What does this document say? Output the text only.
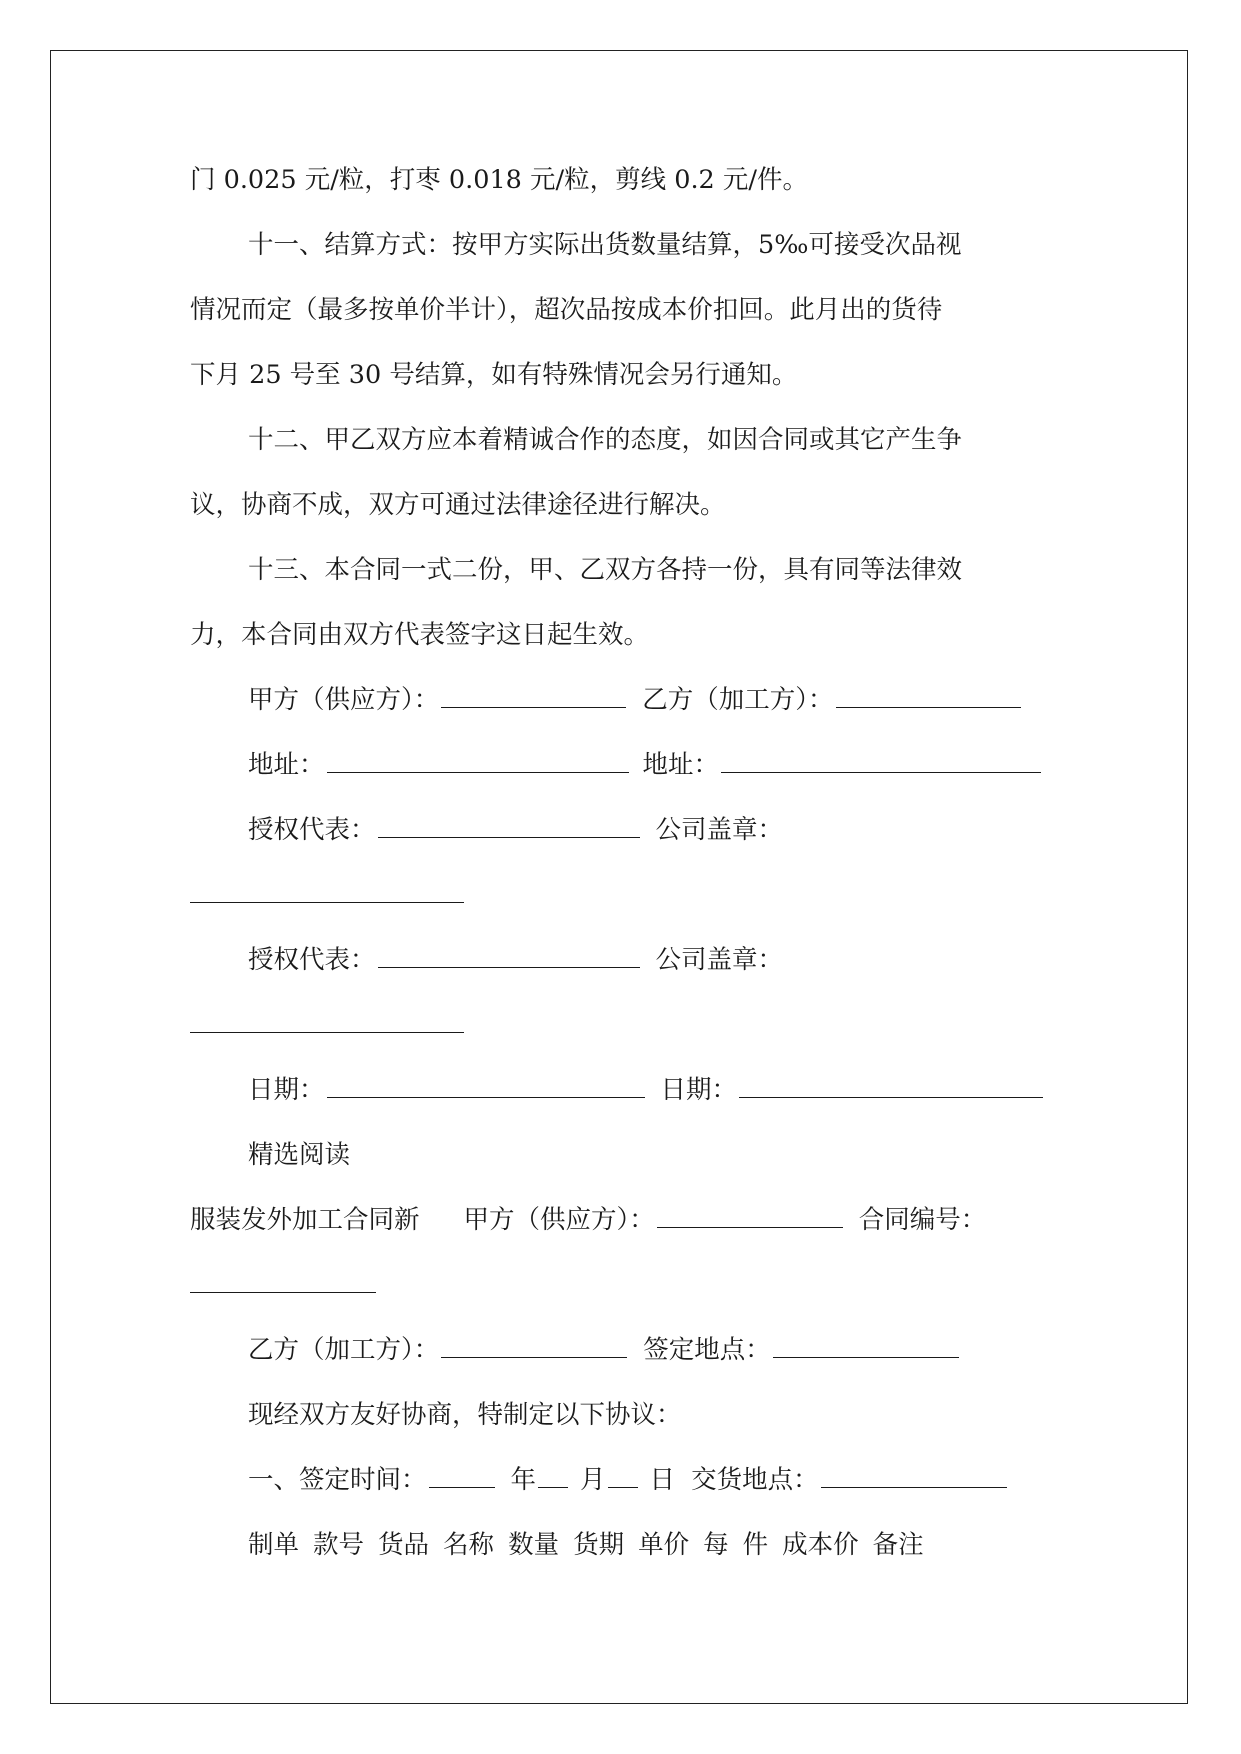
门 0.025 元/粒，打枣 0.018 元/粒，剪线 0.2 元/件。
十一、结算方式：按甲方实际出货数量结算，5‰可接受次品视
情况而定（最多按单价半计），超次品按成本价扣回。此月出的货待
下月 25 号至 30 号结算，如有特殊情况会另行通知。
十二、甲乙双方应本着精诚合作的态度，如因合同或其它产生争
议，协商不成，双方可通过法律途径进行解决。
十三、本合同一式二份，甲、乙双方各持一份，具有同等法律效
力，本合同由双方代表签字这日起生效。
甲方（供应方）：	乙方（加工方）：
地址：	地址：
授权代表：	公司盖章：
授权代表：	公司盖章：
日期：	日期：
精选阅读
服装发外加工合同新 甲方（供应方）：	合同编号：
乙方（加工方）：	签定地点：
现经双方友好协商，特制定以下协议：
一、签定时间：	年 月 日 交货地点：
制单 款号 货品 名称 数量 货期 单价 每 件 成本价 备注
